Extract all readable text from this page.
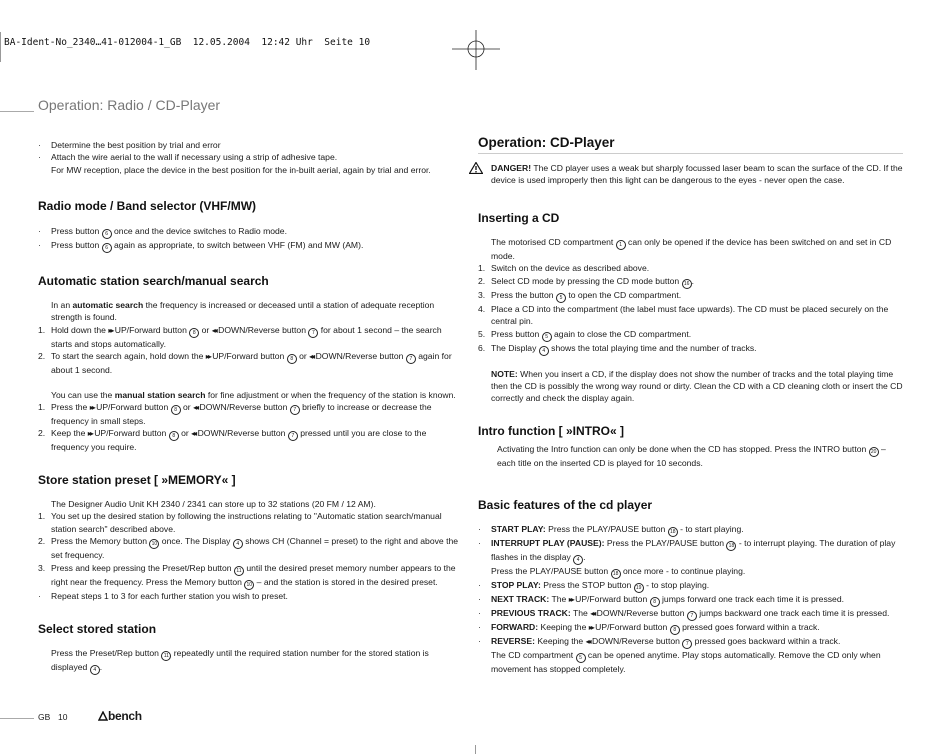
BA-Ident-No_2340…41-012004-1_GB  12.05.2004  12:42 Uhr  Seite 10
Operation: Radio / CD-Player
·	Determine the best position by trial and error
·	Attach the wire aerial to the wall if necessary using a strip of adhesive tape.
For MW reception, place the device in the best position for the in-built aerial, again by trial and error.
Radio mode / Band selector (VHF/MW)
·	Press button 6 once and the device switches to Radio mode.
·	Press button 6 again as appropriate, to switch between VHF (FM) and MW (AM).
Automatic station search/manual search
In an automatic search the frequency is increased or deceased until a station of adequate reception strength is found.
1. Hold down the ▸▸ UP/Forward button 8 or ◂◂ DOWN/Reverse button 7 for about 1 second – the search starts and stops automatically.
2. To start the search again, hold down the ▸▸ UP/Forward button 8 or ◂◂ DOWN/Reverse button 7 again for about 1 second.
You can use the manual station search for fine adjustment or when the frequency of the station is known.
1. Press the ▸▸ UP/Forward button 8 or ◂◂ DOWN/Reverse button 7 briefly to increase or decrease the frequency in small steps.
2. Keep the ▸▸ UP/Forward button 8 or ◂◂ DOWN/Reverse button 7 pressed until you are close to the frequency you require.
Store station preset [ »MEMORY« ]
The Designer Audio Unit KH 2340 / 2341 can store up to 32 stations (20 FM / 12 AM).
1. You set up the desired station by following the instructions relating to "Automatic station search/manual station search" described above.
2. Press the Memory button 10 once. The Display 4 shows CH (Channel = preset) to the right and above the set frequency.
3. Press and keep pressing the Preset/Rep button 11 until the desired preset memory number appears to the right near the frequency. Press the Memory button 10 – and the station is stored in the desired preset.
·	Repeat steps 1 to 3 for each further station you wish to preset.
Select stored station
Press the Preset/Rep button 11 repeatedly until the required station number for the stored station is displayed 4 .
Operation: CD-Player
DANGER! The CD player uses a weak but sharply focussed laser beam to scan the surface of the CD. If the device is used improperly then this light can be dangerous to the eyes - never open the case.
Inserting a CD
The motorised CD compartment 1 can only be opened if the device has been switched on and set in CD mode.
1. Switch on the device as described above.
2. Select CD mode by pressing the CD mode button 16 .
3. Press the button 5 to open the CD compartment.
4. Place a CD into the compartment (the label must face upwards). The CD must be placed securely on the central pin.
5. Press button 5 again to close the CD compartment.
6. The Display 4 shows the total playing time and the number of tracks.
NOTE: When you insert a CD, if the display does not show the number of tracks and the total playing time then the CD is possibly the wrong way round or dirty. Clean the CD with a CD cleaning cloth or insert the CD correctly and check the display again.
Intro function [ »INTRO« ]
Activating the Intro function can only be done when the CD has stopped. Press the INTRO button 20 – each title on the inserted CD is played for 10 seconds.
Basic features of the cd player
·	START PLAY: Press the PLAY/PAUSE button 18 - to start playing.
·	INTERRUPT PLAY (PAUSE): Press the PLAY/PAUSE button 18 - to interrupt playing. The duration of play flashes in the display 4 .
Press the PLAY/PAUSE button 18 once more - to continue playing.
·	STOP PLAY: Press the STOP button 19 - to stop playing.
·	NEXT TRACK: The ▸▸ UP/Forward button 8 jumps forward one track each time it is pressed.
·	PREVIOUS TRACK: The ◂◂ DOWN/Reverse button 7 jumps backward one track each time it is pressed.
·	FORWARD: Keeping the ▸▸ UP/Forward button 8 pressed goes forward within a track.
·	REVERSE: Keeping the ◂◂ DOWN/Reverse button 7 pressed goes backward within a track.
The CD compartment 5 can be opened anytime. Play stops automatically. Remove the CD only when movement has stopped completely.
GB 10	bench
